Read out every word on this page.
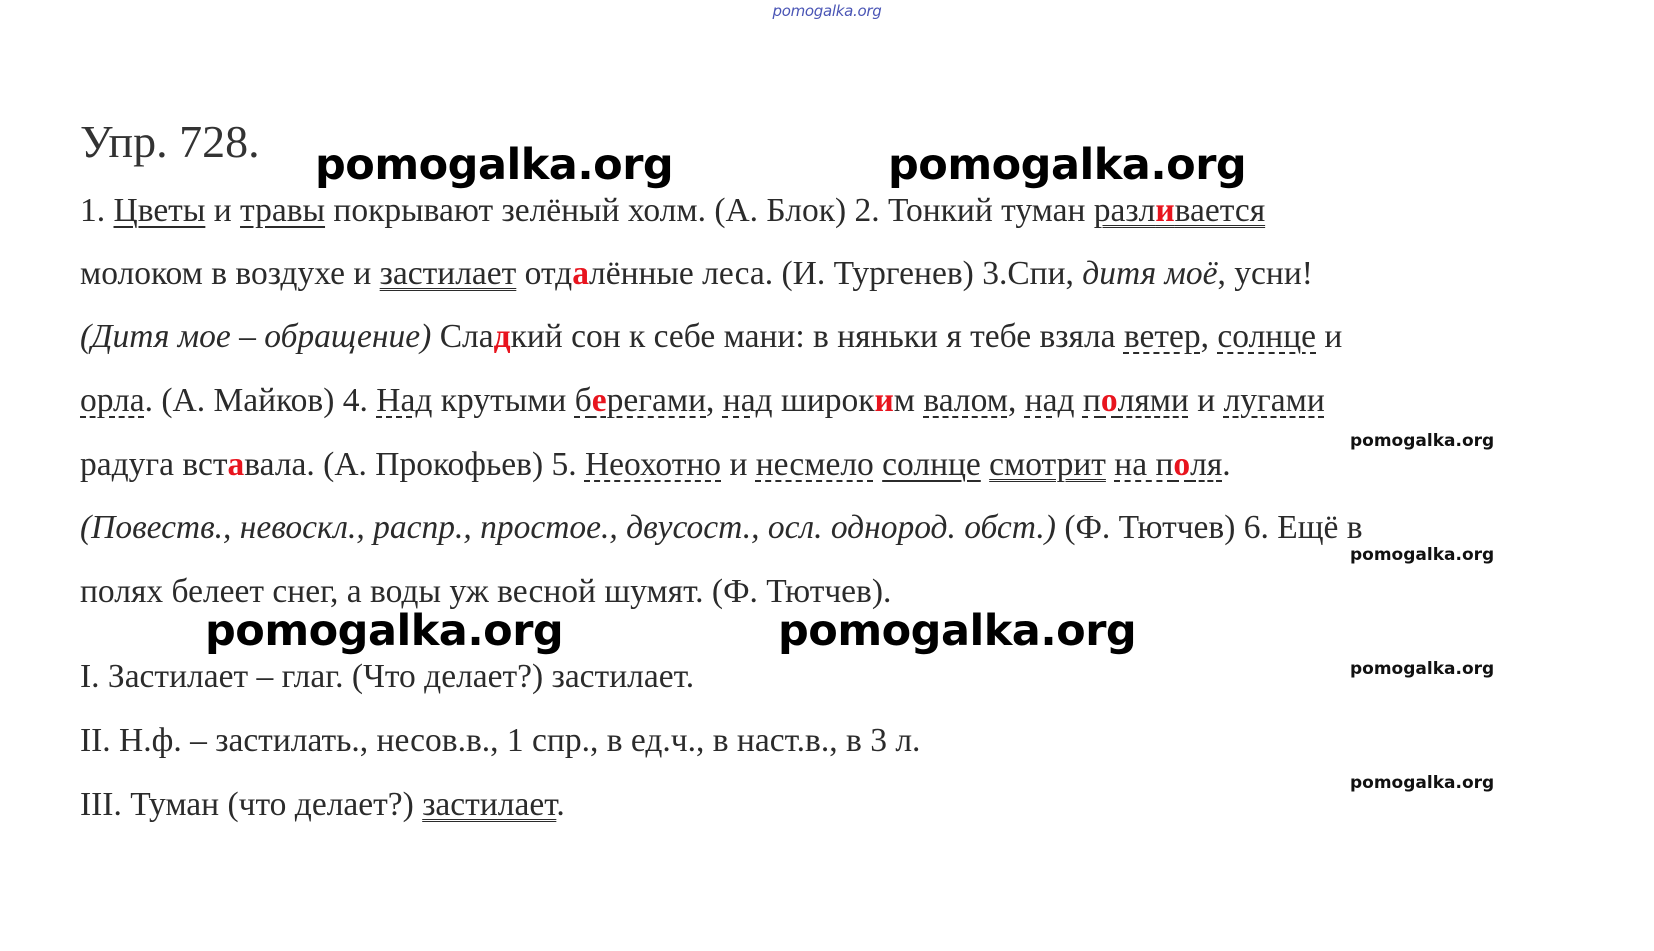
pomogalka.org
Упр. 728. pomogalka.org	pomogalka.org
pomogalka.org	pomogalka.org
pomogalka.org
pomogalka.org
pomogalka.org
pomogalka.org
1. Цветы и травы покрывают зелёный холм. (А. Блок) 2. Тонкий туман разливается
молоком в воздухе и застилает отдалённые леса. (И. Тургенев) 3.Спи, дитя моё, усни!
(Дитя мое – обращение) Сладкий сон к себе мани: в няньки я тебе взяла ветер, солнце и
орла. (А. Майков) 4. Над крутыми берегами, над широким валом, над полями и лугами
радуга вставала. (А. Прокофьев) 5. Неохотно и несмело солнце смотрит на поля.
(Повеств., невоскл., распр., простое., двусост., осл. однород. обст.) (Ф. Тютчев) 6. Ещё в
полях белеет снег, а воды уж весной шумят. (Ф. Тютчев).
I. Застилает – глаг. (Что делает?) застилает.
II. Н.ф. – застилать., несов.в., 1 спр., в ед.ч., в наст.в., в 3 л.
III. Туман (что делает?) застилает.
